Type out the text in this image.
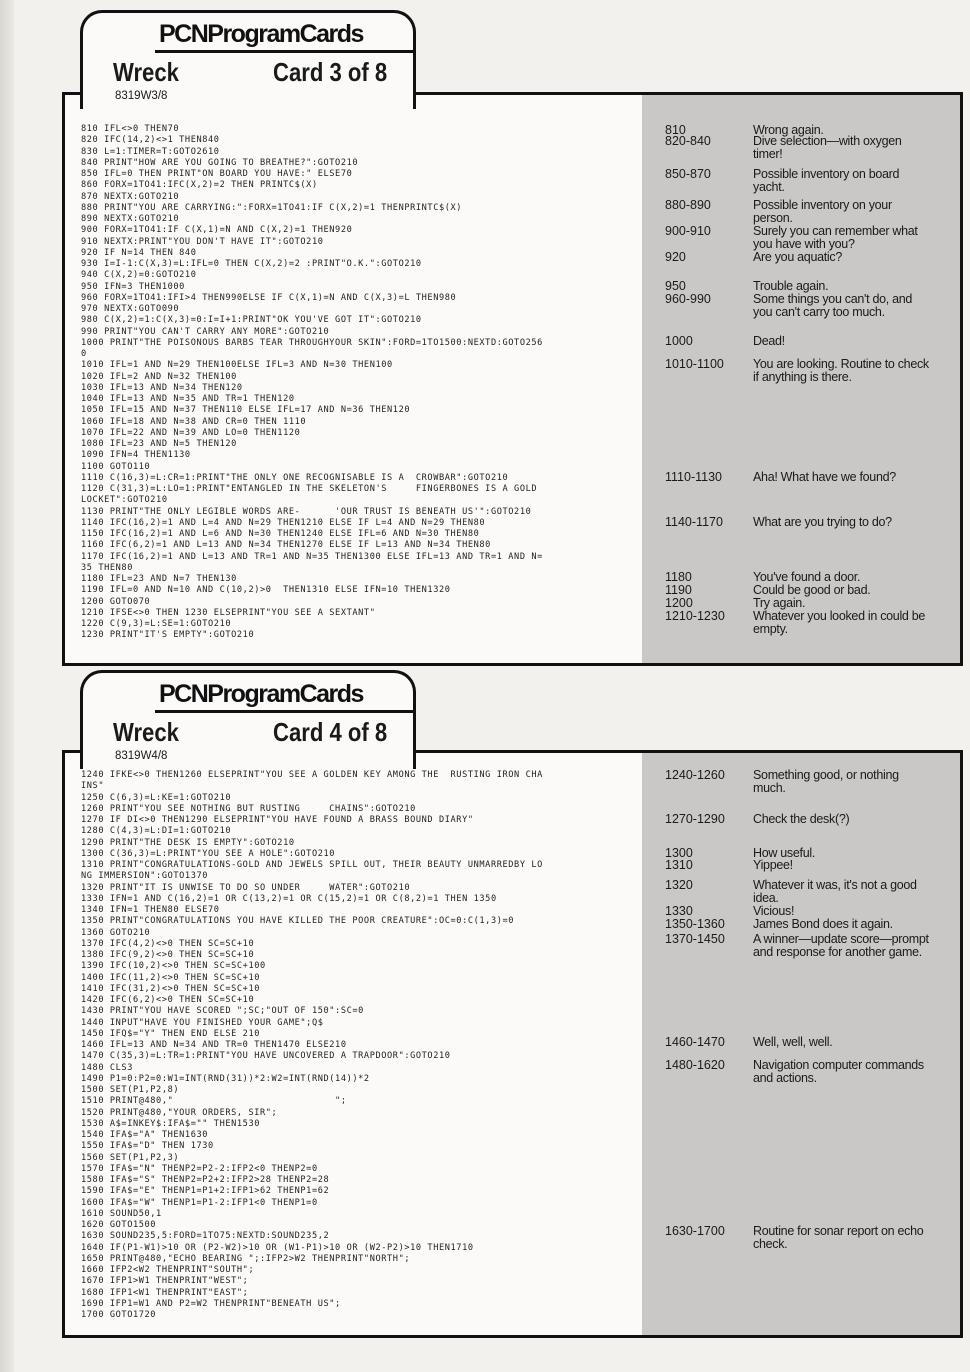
PCNProgramCards
Wreck	Card 3 of 8
8319W3/8
810 IFL<>0 THEN70
820 IFC(14,2)<>1 THEN840
830 L=1:TIMER=T:GOTO2610
840 PRINT"HOW ARE YOU GOING TO BREATHE?":GOTO210
850 IFL=0 THEN PRINT"ON BOARD YOU HAVE:" ELSE70
860 FORX=1TO41:IFC(X,2)=2 THEN PRINTC$(X)
870 NEXTX:GOTO210
880 PRINT"YOU ARE CARRYING:":FORX=1TO41:IF C(X,2)=1 THENPRINTC$(X)
890 NEXTX:GOTO210
900 FORX=1TO41:IF C(X,1)=N AND C(X,2)=1 THEN920
910 NEXTX:PRINT"YOU DON'T HAVE IT":GOTO210
920 IF N=14 THEN 840
930 I=I-1:C(X,3)=L:IFL=0 THEN C(X,2)=2 :PRINT"O.K.":GOTO210
940 C(X,2)=0:GOTO210
950 IFN=3 THEN1000
960 FORX=1TO41:IFI>4 THEN990ELSE IF C(X,1)=N AND C(X,3)=L THEN980
970 NEXTX:GOTO090
980 C(X,2)=1:C(X,3)=0:I=I+1:PRINT"OK YOU'VE GOT IT":GOTO210
990 PRINT"YOU CAN'T CARRY ANY MORE":GOTO210
1000 PRINT"THE POISONOUS BARBS TEAR THROUGHYOUR SKIN":FORD=1TO1500:NEXTD:GOTO256
0
1010 IFL=1 AND N=29 THEN100ELSE IFL=3 AND N=30 THEN100
1020 IFL=2 AND N=32 THEN100
1030 IFL=13 AND N=34 THEN120
1040 IFL=13 AND N=35 AND TR=1 THEN120
1050 IFL=15 AND N=37 THEN110 ELSE IFL=17 AND N=36 THEN120
1060 IFL=18 AND N=38 AND CR=0 THEN 1110
1070 IFL=22 AND N=39 AND LO=0 THEN1120
1080 IFL=23 AND N=5 THEN120
1090 IFN=4 THEN1130
1100 GOTO110
1110 C(16,3)=L:CR=1:PRINT"THE ONLY ONE RECOGNISABLE IS A  CROWBAR":GOTO210
1120 C(31,3)=L:LO=1:PRINT"ENTANGLED IN THE SKELETON'S     FINGERBONES IS A GOLD
LOCKET":GOTO210
1130 PRINT"THE ONLY LEGIBLE WORDS ARE-      'OUR TRUST IS BENEATH US'":GOTO210
1140 IFC(16,2)=1 AND L=4 AND N=29 THEN1210 ELSE IF L=4 AND N=29 THEN80
1150 IFC(16,2)=1 AND L=6 AND N=30 THEN1240 ELSE IFL=6 AND N=30 THEN80
1160 IFC(6,2)=1 AND L=13 AND N=34 THEN1270 ELSE IF L=13 AND N=34 THEN80
1170 IFC(16,2)=1 AND L=13 AND TR=1 AND N=35 THEN1300 ELSE IFL=13 AND TR=1 AND N=
35 THEN80
1180 IFL=23 AND N=7 THEN130
1190 IFL=0 AND N=10 AND C(10,2)>0  THEN1310 ELSE IFN=10 THEN1320
1200 GOTO070
1210 IFSE<>0 THEN 1230 ELSEPRINT"YOU SEE A SEXTANT"
1220 C(9,3)=L:SE=1:GOTO210
1230 PRINT"IT'S EMPTY":GOTO210
810	Wrong again.
820-840	Dive selection—with oxygen timer!
850-870	Possible inventory on board yacht.
880-890	Possible inventory on your person.
900-910	Surely you can remember what you have with you?
920	Are you aquatic?
950	Trouble again.
960-990	Some things you can't do, and you can't carry too much.
1000	Dead!
1010-1100	You are looking. Routine to check if anything is there.
1110-1130	Aha! What have we found?
1140-1170	What are you trying to do?
1180	You've found a door.
1190	Could be good or bad.
1200	Try again.
1210-1230	Whatever you looked in could be empty.
PCNProgramCards
Wreck	Card 4 of 8
8319W4/8
1240 IFKE<>0 THEN1260 ELSEPRINT"YOU SEE A GOLDEN KEY AMONG THE  RUSTING IRON CHA
INS"
1250 C(6,3)=L:KE=1:GOTO210
1260 PRINT"YOU SEE NOTHING BUT RUSTING     CHAINS":GOTO210
1270 IF DI<>0 THEN1290 ELSEPRINT"YOU HAVE FOUND A BRASS BOUND DIARY"
1280 C(4,3)=L:DI=1:GOTO210
1290 PRINT"THE DESK IS EMPTY":GOTO210
1300 C(36,3)=L:PRINT"YOU SEE A HOLE":GOTO210
1310 PRINT"CONGRATULATIONS-GOLD AND JEWELS SPILL OUT, THEIR BEAUTY UNMARREDBY LO
NG IMMERSION":GOTO1370
1320 PRINT"IT IS UNWISE TO DO SO UNDER     WATER":GOTO210
1330 IFN=1 AND C(16,2)=1 OR C(13,2)=1 OR C(15,2)=1 OR C(8,2)=1 THEN 1350
1340 IFN=1 THEN80 ELSE70
1350 PRINT"CONGRATULATIONS YOU HAVE KILLED THE POOR CREATURE":OC=0:C(1,3)=0
1360 GOTO210
1370 IFC(4,2)<>0 THEN SC=SC+10
1380 IFC(9,2)<>0 THEN SC=SC+10
1390 IFC(10,2)<>0 THEN SC=SC+100
1400 IFC(11,2)<>0 THEN SC=SC+10
1410 IFC(31,2)<>0 THEN SC=SC+10
1420 IFC(6,2)<>0 THEN SC=SC+10
1430 PRINT"YOU HAVE SCORED ";SC;"OUT OF 150":SC=0
1440 INPUT"HAVE YOU FINISHED YOUR GAME";Q$
1450 IFQ$="Y" THEN END ELSE 210
1460 IFL=13 AND N=34 AND TR=0 THEN1470 ELSE210
1470 C(35,3)=L:TR=1:PRINT"YOU HAVE UNCOVERED A TRAPDOOR":GOTO210
1480 CLS3
1490 P1=0:P2=0:W1=INT(RND(31))*2:W2=INT(RND(14))*2
1500 SET(P1,P2,8)
1510 PRINT@480,"                            ";
1520 PRINT@480,"YOUR ORDERS, SIR";
1530 A$=INKEY$:IFA$="" THEN1530
1540 IFA$="A" THEN1630
1550 IFA$="D" THEN 1730
1560 SET(P1,P2,3)
1570 IFA$="N" THENP2=P2-2:IFP2<0 THENP2=0
1580 IFA$="S" THENP2=P2+2:IFP2>28 THENP2=28
1590 IFA$="E" THENP1=P1+2:IFP1>62 THENP1=62
1600 IFA$="W" THENP1=P1-2:IFP1<0 THENP1=0
1610 SOUND50,1
1620 GOTO1500
1630 SOUND235,5:FORD=1TO75:NEXTD:SOUND235,2
1640 IF(P1-W1)>10 OR (P2-W2)>10 OR (W1-P1)>10 OR (W2-P2)>10 THEN1710
1650 PRINT@480,"ECHO BEARING ";:IFP2>W2 THENPRINT"NORTH";
1660 IFP2<W2 THENPRINT"SOUTH";
1670 IFP1>W1 THENPRINT"WEST";
1680 IFP1<W1 THENPRINT"EAST";
1690 IFP1=W1 AND P2=W2 THENPRINT"BENEATH US";
1700 GOTO1720
1240-1260	Something good, or nothing much.
1270-1290	Check the desk(?)
1300	How useful.
1310	Yippee!
1320	Whatever it was, it's not a good idea.
1330	Vicious!
1350-1360	James Bond does it again.
1370-1450	A winner—update score—prompt and response for another game.
1460-1470	Well, well, well.
1480-1620	Navigation computer commands and actions.
1630-1700	Routine for sonar report on echo check.
